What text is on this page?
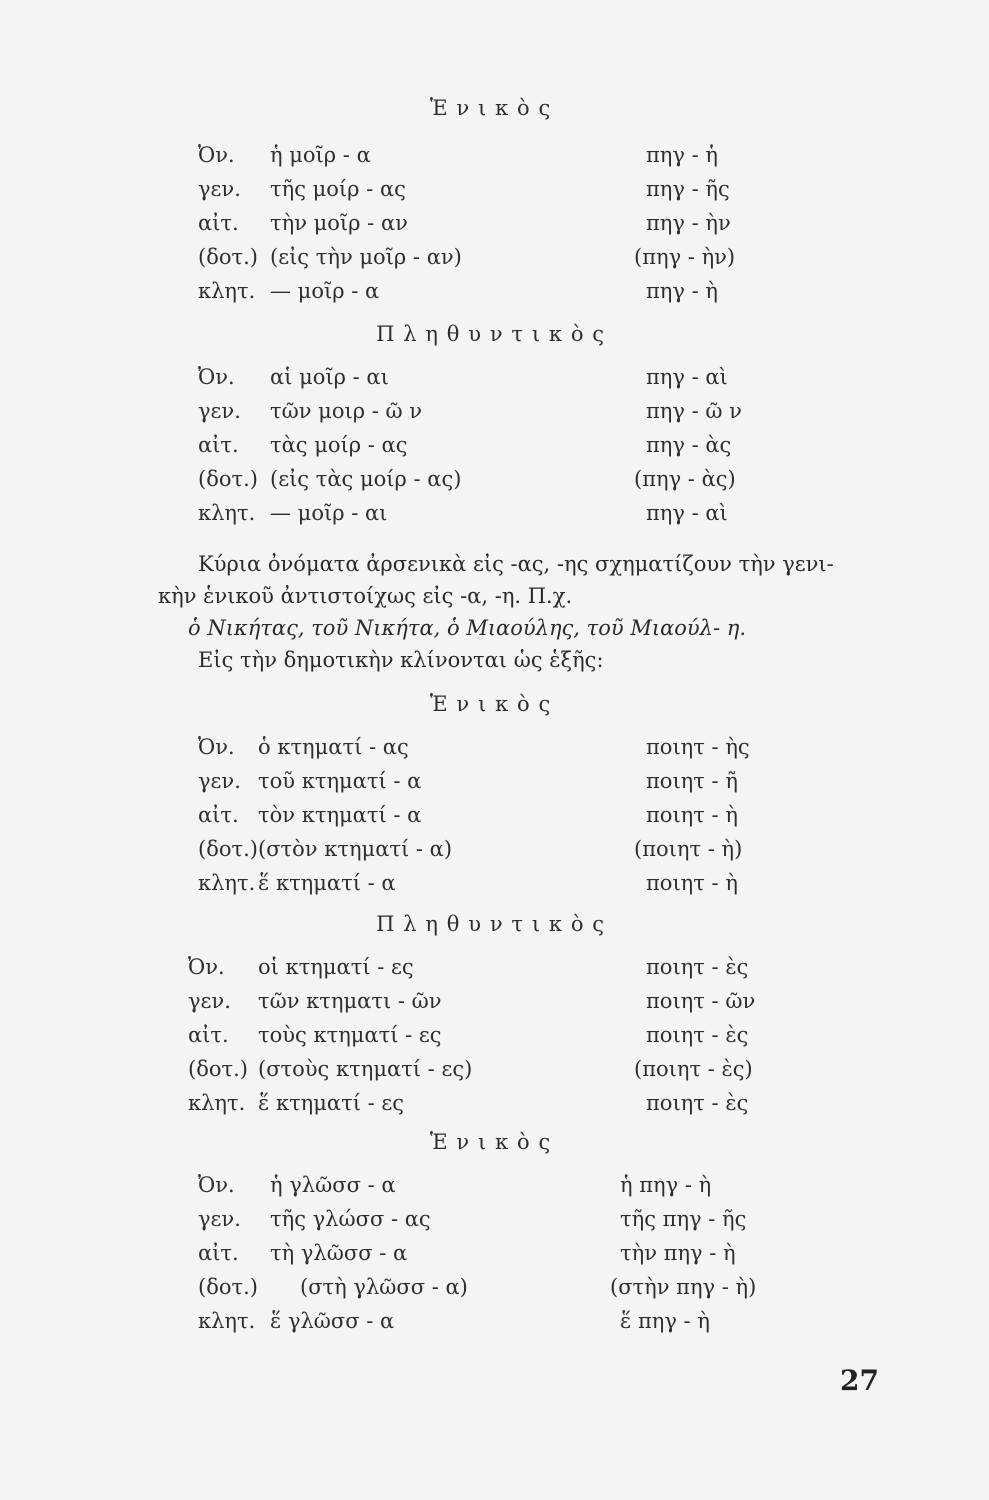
Ἑνικὸς
Ὀν. ἡ μοῖρ - α	πηγ - ἡ
γεν. τῆς μοίρ - ας	πηγ - ῆς
αἰτ. τὴν μοῖρ - αν	πηγ - ὴν
(δοτ.) (εἰς τὴν μοῖρ - αν)	(πηγ - ὴν)
κλητ. — μοῖρ - α	πηγ - ὴ
Πληθυντικὸς
Ὀν. αἱ μοῖρ - αι	πηγ - αὶ
γεν. τῶν μοιρ - ῶ ν	πηγ - ῶ ν
αἰτ. τὰς μοίρ - ας	πηγ - ὰς
(δοτ.) (εἰς τὰς μοίρ - ας)	(πηγ - ὰς)
κλητ. — μοῖρ - αι	πηγ - αὶ
Κύρια ὀνόματα ἀρσενικὰ εἰς -ας, -ης σχηματίζουν τὴν γενι-
κὴν ἑνικοῦ ἀντιστοίχως εἰς -α, -η. Π.χ.
ὁ Νικήτας, τοῦ Νικήτα, ὁ Μιαούλης, τοῦ Μιαούλ- η.
Εἰς τὴν δημοτικὴν κλίνονται ὡς ἑξῆς:
Ἑνικὸς
Ὀν. ὁ κτηματί - ας	ποιητ - ὴς
γεν. τοῦ κτηματί - α	ποιητ - ῆ
αἰτ. τὸν κτηματί - α	ποιητ - ὴ
(δοτ.) (στὸν κτηματί - α)	(ποιητ - ὴ)
κλητ. ἕ κτηματί - α	ποιητ - ὴ
Πληθυντικὸς
Ὀν. οἱ κτηματί - ες	ποιητ - ὲς
γεν. τῶν κτηματι - ῶν	ποιητ - ῶν
αἰτ. τοὺς κτηματί - ες	ποιητ - ὲς
(δοτ.) (στοὺς κτηματί - ες)	(ποιητ - ὲς)
κλητ. ἕ κτηματί - ες	ποιητ - ὲς
Ἑνικὸς
Ὀν. ἡ γλῶσσ - α	ἡ πηγ - ὴ
γεν. τῆς γλώσσ - ας	τῆς πηγ - ῆς
αἰτ. τὴ γλῶσσ - α	τὴν πηγ - ὴ
(δοτ.) (στὴ γλῶσσ - α)	(στὴν πηγ - ὴ)
κλητ. ἕ γλῶσσ - α	ἕ πηγ - ὴ
27
